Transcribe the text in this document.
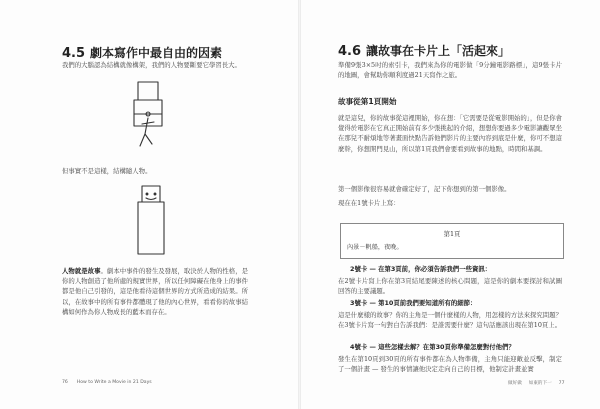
4.5 劇本寫作中最自由的因素

我們的大腦認為結構就像構架，我們的人物要斷要它學習長大。

但事實不是這樣，結構隨人物。

人物就是故事。劇本中事件的發生及發展，取決於人物的性格，是你的人物創造了他所處的規實世界，所以任何障礙在他身上的事件都是他自己引發的，這是他看待這個世界的方式所造成的結果。所以，在故事中的所有事件都體現了他的內心世界，看看你的故事結構如何作為你人物成長的藍本而存在。

76 How to Write a Movie in 21 Days
4.6 讓故事在卡片上「活起來」

準備9張3×5吋的索引卡，我們來為你的電影做「9分鐘電影路標」，這9張卡片的地圖，會幫助你順利度過21天寫作之旅。

故事從第1頁開始

就是這兒，你的故事從這裡開始，你在想：「它需要是從電影開始的」，但是你會覺得於電影在它真正開始前有多少張挑起的介紹，想想你要過多少電影讓觀眾坐在那兒不耐煩地等著畫面快點告訴他們影片的主要內容到底是什麼，你可不想這麼幹，你想開門見山，所以第1頁我們會要看到故事的地點，時間和基調。

第一個影像很容易就會確定好了，記下你想到的第一個影像。

現在在1號卡片上寫：

第1頁
內景－帆船，夜晚。

2號卡 — 在第3頁前，你必須告訴我們一些資訊：

在2號卡片寫上你在第3頁結尾要陳述的核心問題，這是你的劇本要探討和試圖回答的主要議題。

3號卡 — 第10頁前我們要知道所有的細節：

這是什麼樣的故事？你的主角是一個什麼樣的人物，用怎樣的方法來探究問題？在3號卡片寫一句對白告訴我們：是誰需要什麼？這句話應該出現在第10頁上。

4號卡 — 這些怎樣去解？在第30頁你準備怎麼對付他們？

發生在第10頁到30頁的所有事件都在為人物準備，主角只能迎敵並反擊，制定了一個計畫 — 發生的事情讓他決定走向自己的目標，他制定計畫並實

做好做 如東的下一 77
